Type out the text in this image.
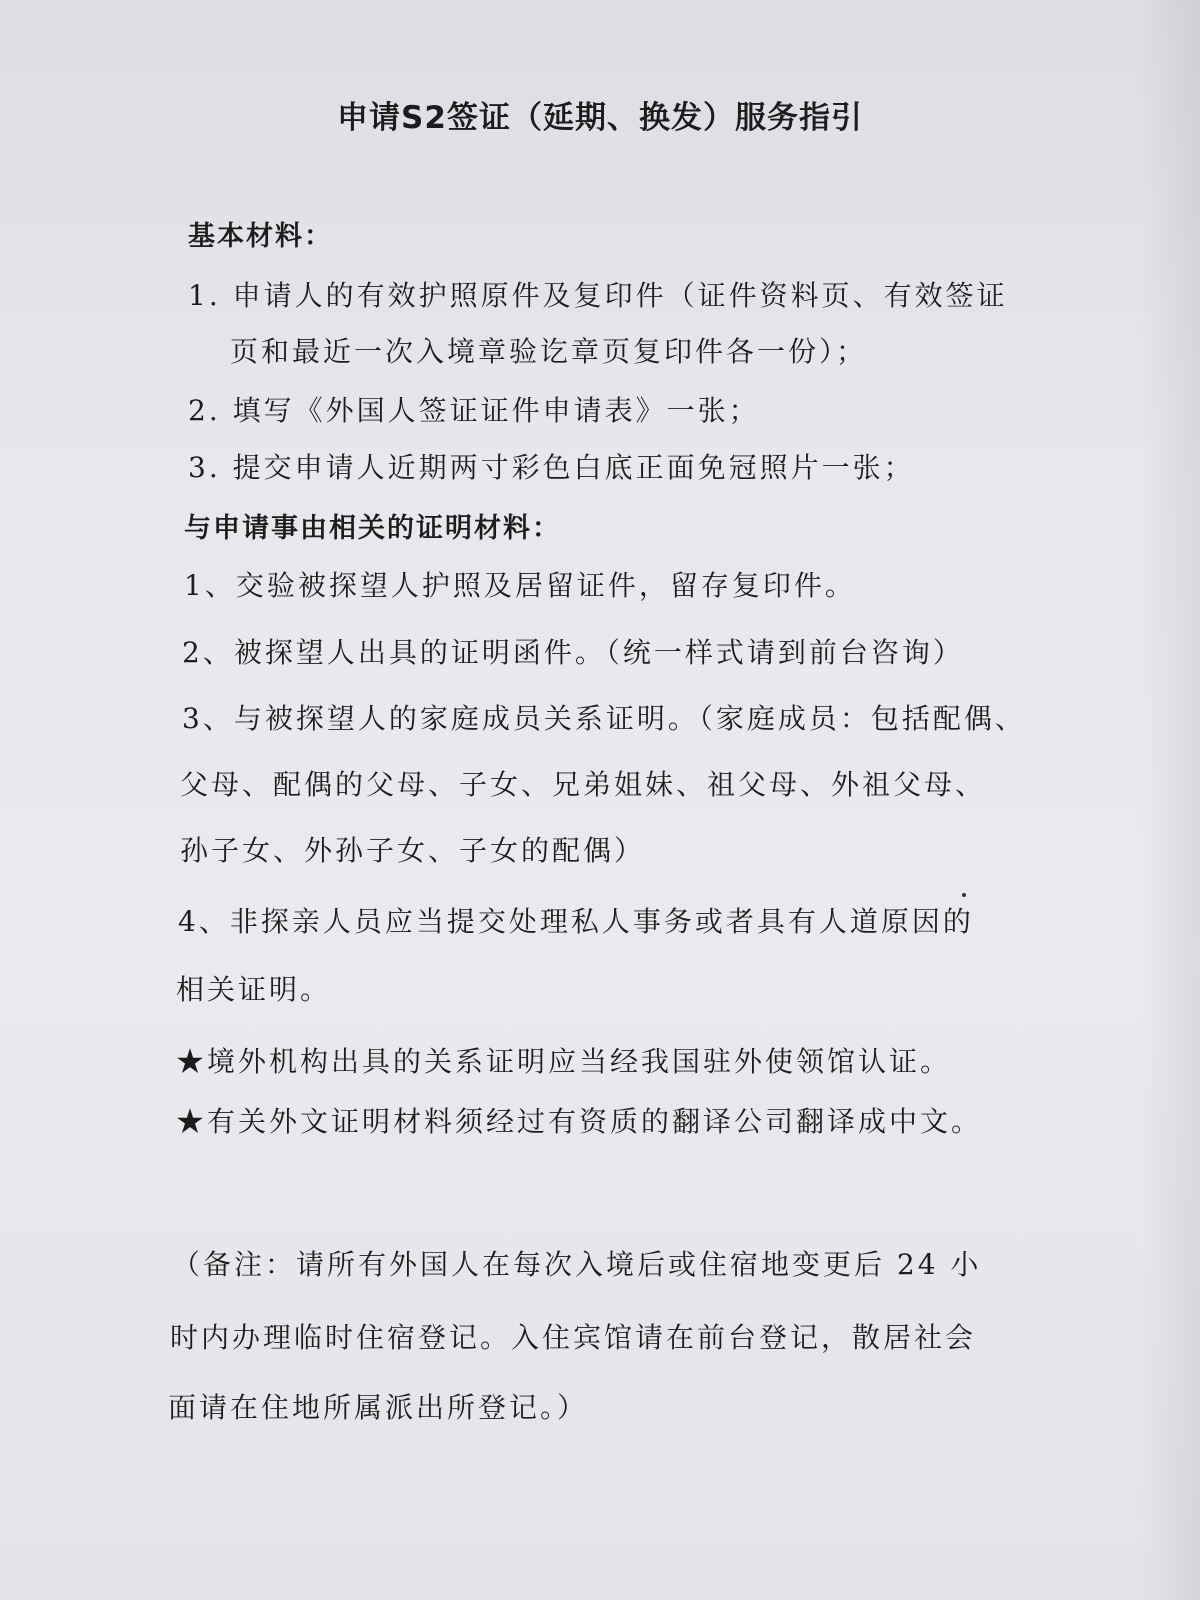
申请S2签证（延期、换发）服务指引
基本材料：
1. 申请人的有效护照原件及复印件（证件资料页、有效签证
页和最近一次入境章验讫章页复印件各一份）；
2. 填写《外国人签证证件申请表》一张；
3. 提交申请人近期两寸彩色白底正面免冠照片一张；
与申请事由相关的证明材料：
1、交验被探望人护照及居留证件，留存复印件。
2、被探望人出具的证明函件。（统一样式请到前台咨询）
3、与被探望人的家庭成员关系证明。（家庭成员：包括配偶、
父母、配偶的父母、子女、兄弟姐妹、祖父母、外祖父母、
孙子女、外孙子女、子女的配偶）
4、非探亲人员应当提交处理私人事务或者具有人道原因的
相关证明。
★境外机构出具的关系证明应当经我国驻外使领馆认证。
★有关外文证明材料须经过有资质的翻译公司翻译成中文。
（备注：请所有外国人在每次入境后或住宿地变更后 24 小
时内办理临时住宿登记。入住宾馆请在前台登记，散居社会
面请在住地所属派出所登记。）
